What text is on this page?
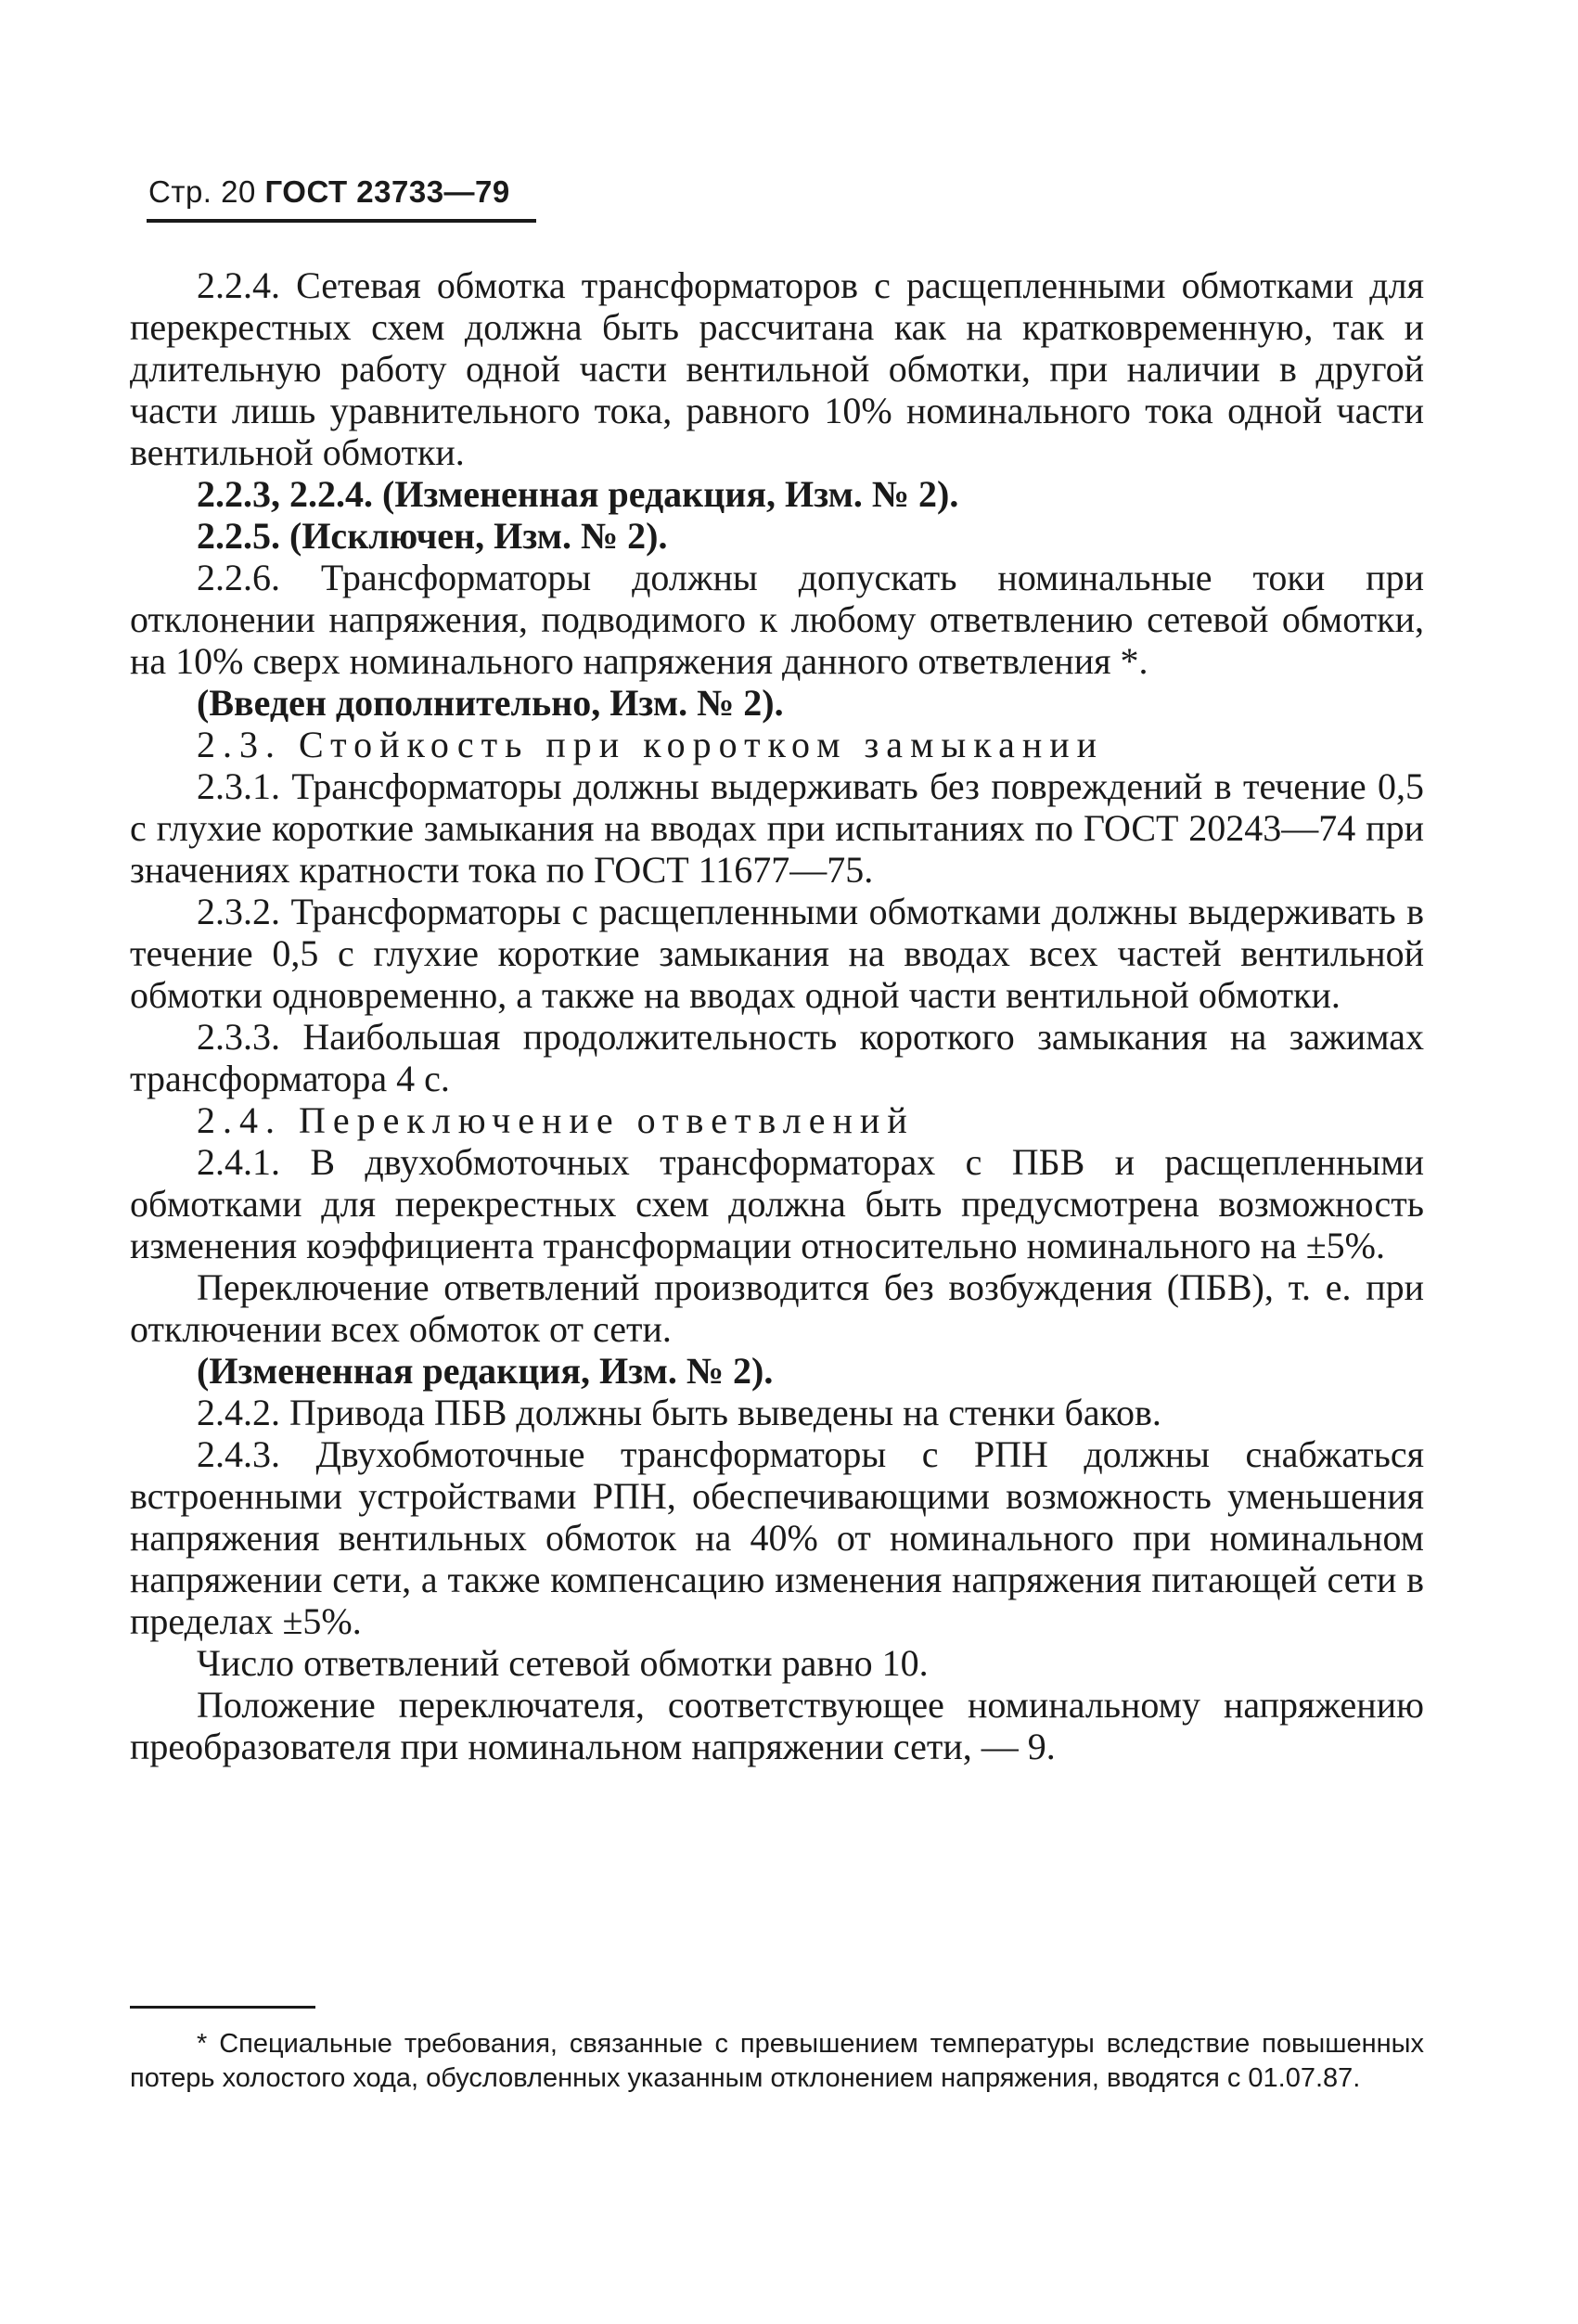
Стр. 20 ГОСТ 23733—79

2.2.4. Сетевая обмотка трансформаторов с расщепленными обмотками для перекрестных схем должна быть рассчитана как на кратковременную, так и длительную работу одной части вентильной обмотки, при наличии в другой части лишь уравнительного тока, равного 10% номинального тока одной части вентильной обмотки.

2.2.3, 2.2.4. (Измененная редакция, Изм. № 2).

2.2.5. (Исключен, Изм. № 2).

2.2.6. Трансформаторы должны допускать номинальные токи при отклонении напряжения, подводимого к любому ответвлению сетевой обмотки, на 10% сверх номинального напряжения данного ответвления *.

(Введен дополнительно, Изм. № 2).

2.3. Стойкость при коротком замыкании

2.3.1. Трансформаторы должны выдерживать без повреждений в течение 0,5 с глухие короткие замыкания на вводах при испытаниях по ГОСТ 20243—74 при значениях кратности тока по ГОСТ 11677—75.

2.3.2. Трансформаторы с расщепленными обмотками должны выдерживать в течение 0,5 с глухие короткие замыкания на вводах всех частей вентильной обмотки одновременно, а также на вводах одной части вентильной обмотки.

2.3.3. Наибольшая продолжительность короткого замыкания на зажимах трансформатора 4 с.

2.4. Переключение ответвлений

2.4.1. В двухобмоточных трансформаторах с ПБВ и расщепленными обмотками для перекрестных схем должна быть предусмотрена возможность изменения коэффициента трансформации относительно номинального на ±5%.

Переключение ответвлений производится без возбуждения (ПБВ), т. е. при отключении всех обмоток от сети.

(Измененная редакция, Изм. № 2).

2.4.2. Привода ПБВ должны быть выведены на стенки баков.

2.4.3. Двухобмоточные трансформаторы с РПН должны снабжаться встроенными устройствами РПН, обеспечивающими возможность уменьшения напряжения вентильных обмоток на 40% от номинального при номинальном напряжении сети, а также компенсацию изменения напряжения питающей сети в пределах ±5%.

Число ответвлений сетевой обмотки равно 10.

Положение переключателя, соответствующее номинальному напряжению преобразователя при номинальном напряжении сети, — 9.

* Специальные требования, связанные с превышением температуры вследствие повышенных потерь холостого хода, обусловленных указанным отклонением напряжения, вводятся с 01.07.87.
